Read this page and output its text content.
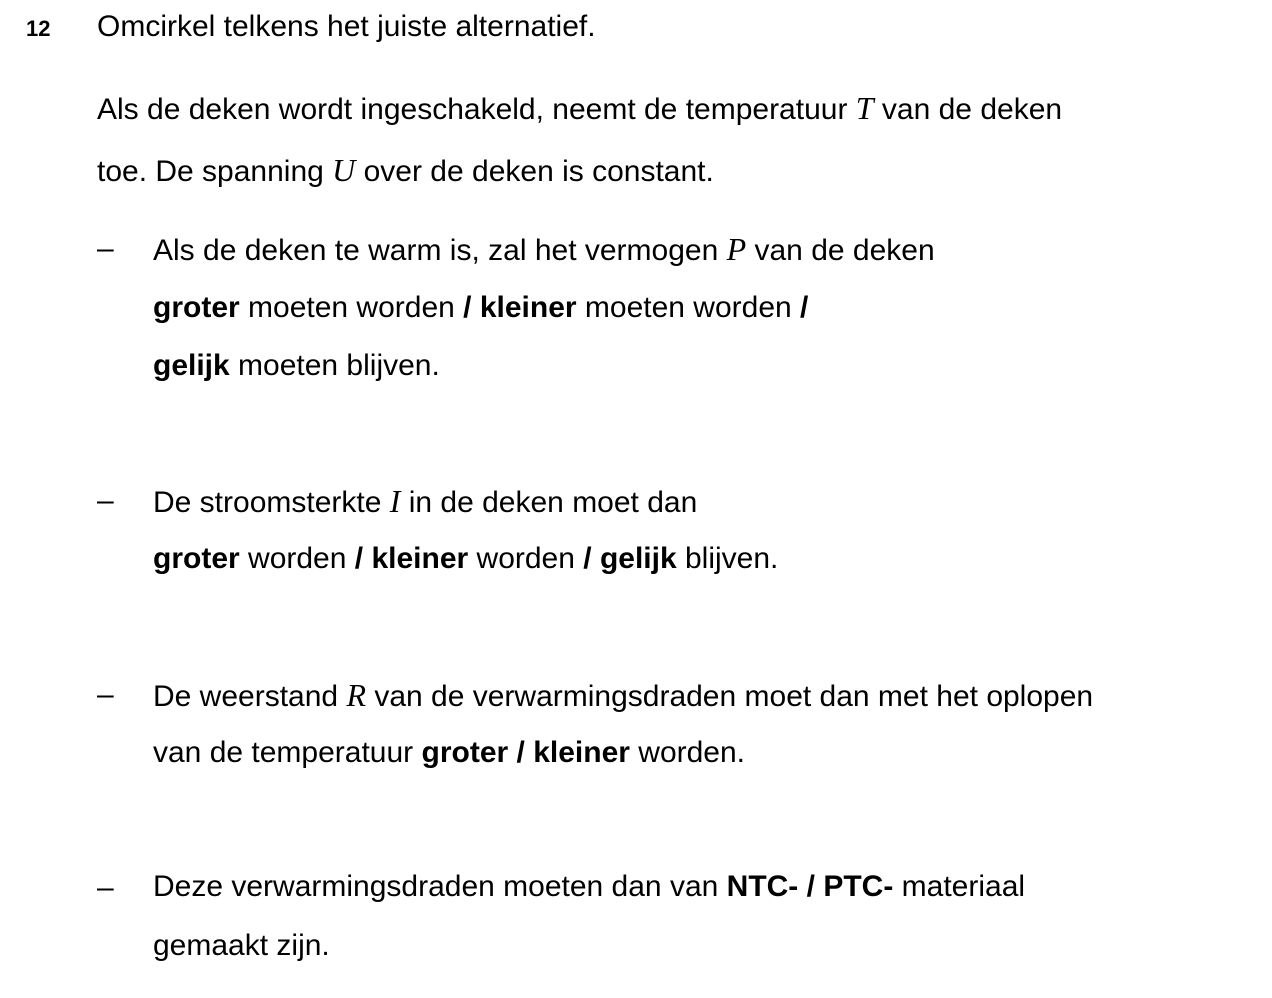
12 Omcirkel telkens het juiste alternatief.
Als de deken wordt ingeschakeld, neemt de temperatuur T van de deken
toe. De spanning U over de deken is constant.
– Als de deken te warm is, zal het vermogen P van de deken
groter moeten worden / kleiner moeten worden /
gelijk moeten blijven.
– De stroomsterkte I in de deken moet dan
groter worden / kleiner worden / gelijk blijven.
– De weerstand R van de verwarmingsdraden moet dan met het oplopen
van de temperatuur groter / kleiner worden.
– Deze verwarmingsdraden moeten dan van NTC- / PTC- materiaal
gemaakt zijn.
